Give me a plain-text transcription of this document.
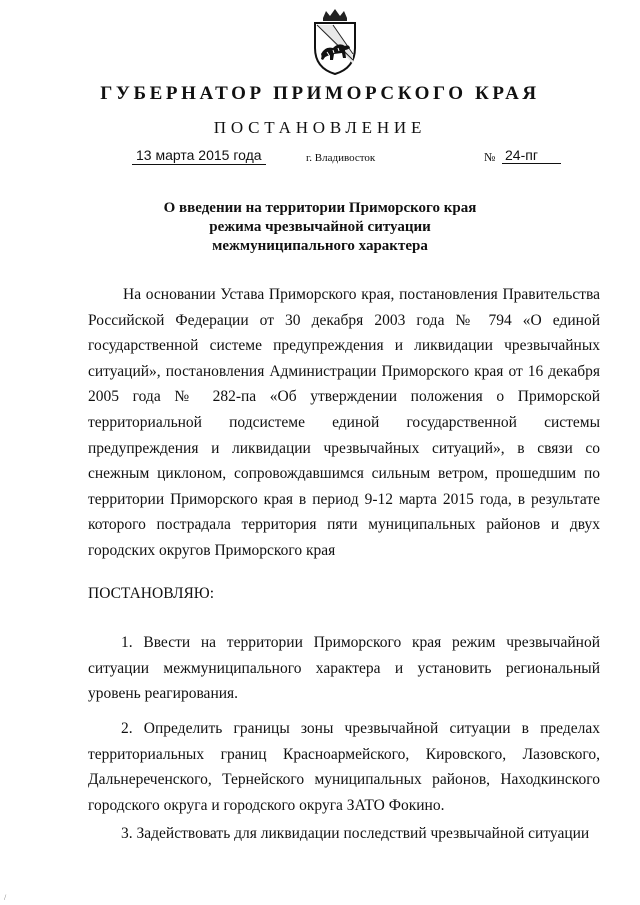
ГУБЕРНАТОР ПРИМОРСКОГО КРАЯ
ПОСТАНОВЛЕНИЕ
13 марта 2015 года	г. Владивосток	№ 24-пг
О введении на территории Приморского края
режима чрезвычайной ситуации
межмуниципального характера

На основании Устава Приморского края, постановления Правительства Российской Федерации от 30 декабря 2003 года № 794 «О единой государственной системе предупреждения и ликвидации чрезвычайных ситуаций», постановления Администрации Приморского края от 16 декабря 2005 года № 282-па «Об утверждении положения о Приморской территориальной подсистеме единой государственной системы предупреждения и ликвидации чрезвычайных ситуаций», в связи со снежным циклоном, сопровождавшимся сильным ветром, прошедшим по территории Приморского края в период 9-12 марта 2015 года, в результате которого пострадала территория пяти муниципальных районов и двух городских округов Приморского края

ПОСТАНОВЛЯЮ:

1. Ввести на территории Приморского края режим чрезвычайной ситуации межмуниципального характера и установить региональный уровень реагирования.

2. Определить границы зоны чрезвычайной ситуации в пределах территориальных границ Красноармейского, Кировского, Лазовского, Дальнереченского, Тернейского муниципальных районов, Находкинского городского округа и городского округа ЗАТО Фокино.

3. Задействовать для ликвидации последствий чрезвычайной ситуации

/
